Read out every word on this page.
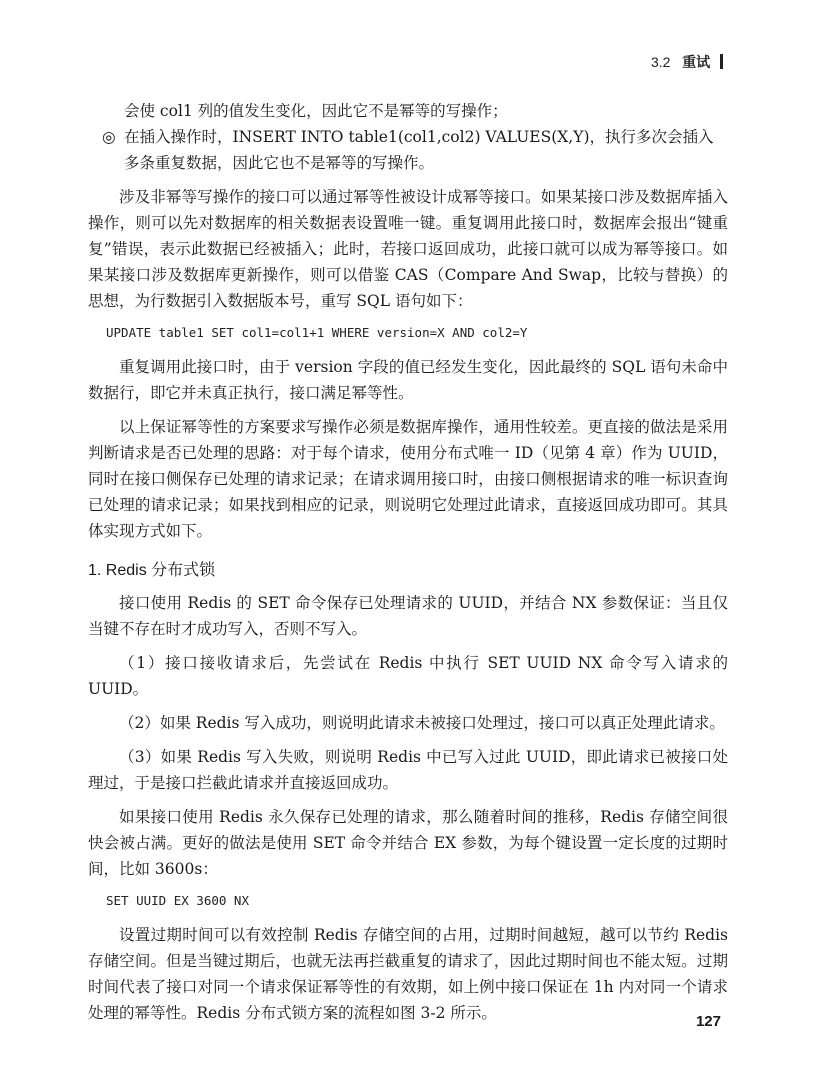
3.2 重试

会使 col1 列的值发生变化，因此它不是幂等的写操作；

◎ 在插入操作时，INSERT INTO table1(col1,col2) VALUES(X,Y)，执行多次会插入多条重复数据，因此它也不是幂等的写操作。

涉及非幂等写操作的接口可以通过幂等性被设计成幂等接口。如果某接口涉及数据库插入操作，则可以先对数据库的相关数据表设置唯一键。重复调用此接口时，数据库会报出“键重复”错误，表示此数据已经被插入；此时，若接口返回成功，此接口就可以成为幂等接口。如果某接口涉及数据库更新操作，则可以借鉴 CAS（Compare And Swap，比较与替换）的思想，为行数据引入数据版本号，重写 SQL 语句如下：

UPDATE table1 SET col1=col1+1 WHERE version=X AND col2=Y

重复调用此接口时，由于 version 字段的值已经发生变化，因此最终的 SQL 语句未命中数据行，即它并未真正执行，接口满足幂等性。

以上保证幂等性的方案要求写操作必须是数据库操作，通用性较差。更直接的做法是采用判断请求是否已处理的思路：对于每个请求，使用分布式唯一 ID（见第 4 章）作为 UUID，同时在接口侧保存已处理的请求记录；在请求调用接口时，由接口侧根据请求的唯一标识查询已处理的请求记录；如果找到相应的记录，则说明它处理过此请求，直接返回成功即可。其具体实现方式如下。

1. Redis 分布式锁

接口使用 Redis 的 SET 命令保存已处理请求的 UUID，并结合 NX 参数保证：当且仅当键不存在时才成功写入，否则不写入。

（1）接口接收请求后，先尝试在 Redis 中执行 SET UUID NX 命令写入请求的 UUID。

（2）如果 Redis 写入成功，则说明此请求未被接口处理过，接口可以真正处理此请求。

（3）如果 Redis 写入失败，则说明 Redis 中已写入过此 UUID，即此请求已被接口处理过，于是接口拦截此请求并直接返回成功。

如果接口使用 Redis 永久保存已处理的请求，那么随着时间的推移，Redis 存储空间很快会被占满。更好的做法是使用 SET 命令并结合 EX 参数，为每个键设置一定长度的过期时间，比如 3600s：

SET UUID EX 3600 NX

设置过期时间可以有效控制 Redis 存储空间的占用，过期时间越短，越可以节约 Redis 存储空间。但是当键过期后，也就无法再拦截重复的请求了，因此过期时间也不能太短。过期时间代表了接口对同一个请求保证幂等性的有效期，如上例中接口保证在 1h 内对同一个请求处理的幂等性。Redis 分布式锁方案的流程如图 3-2 所示。	127
